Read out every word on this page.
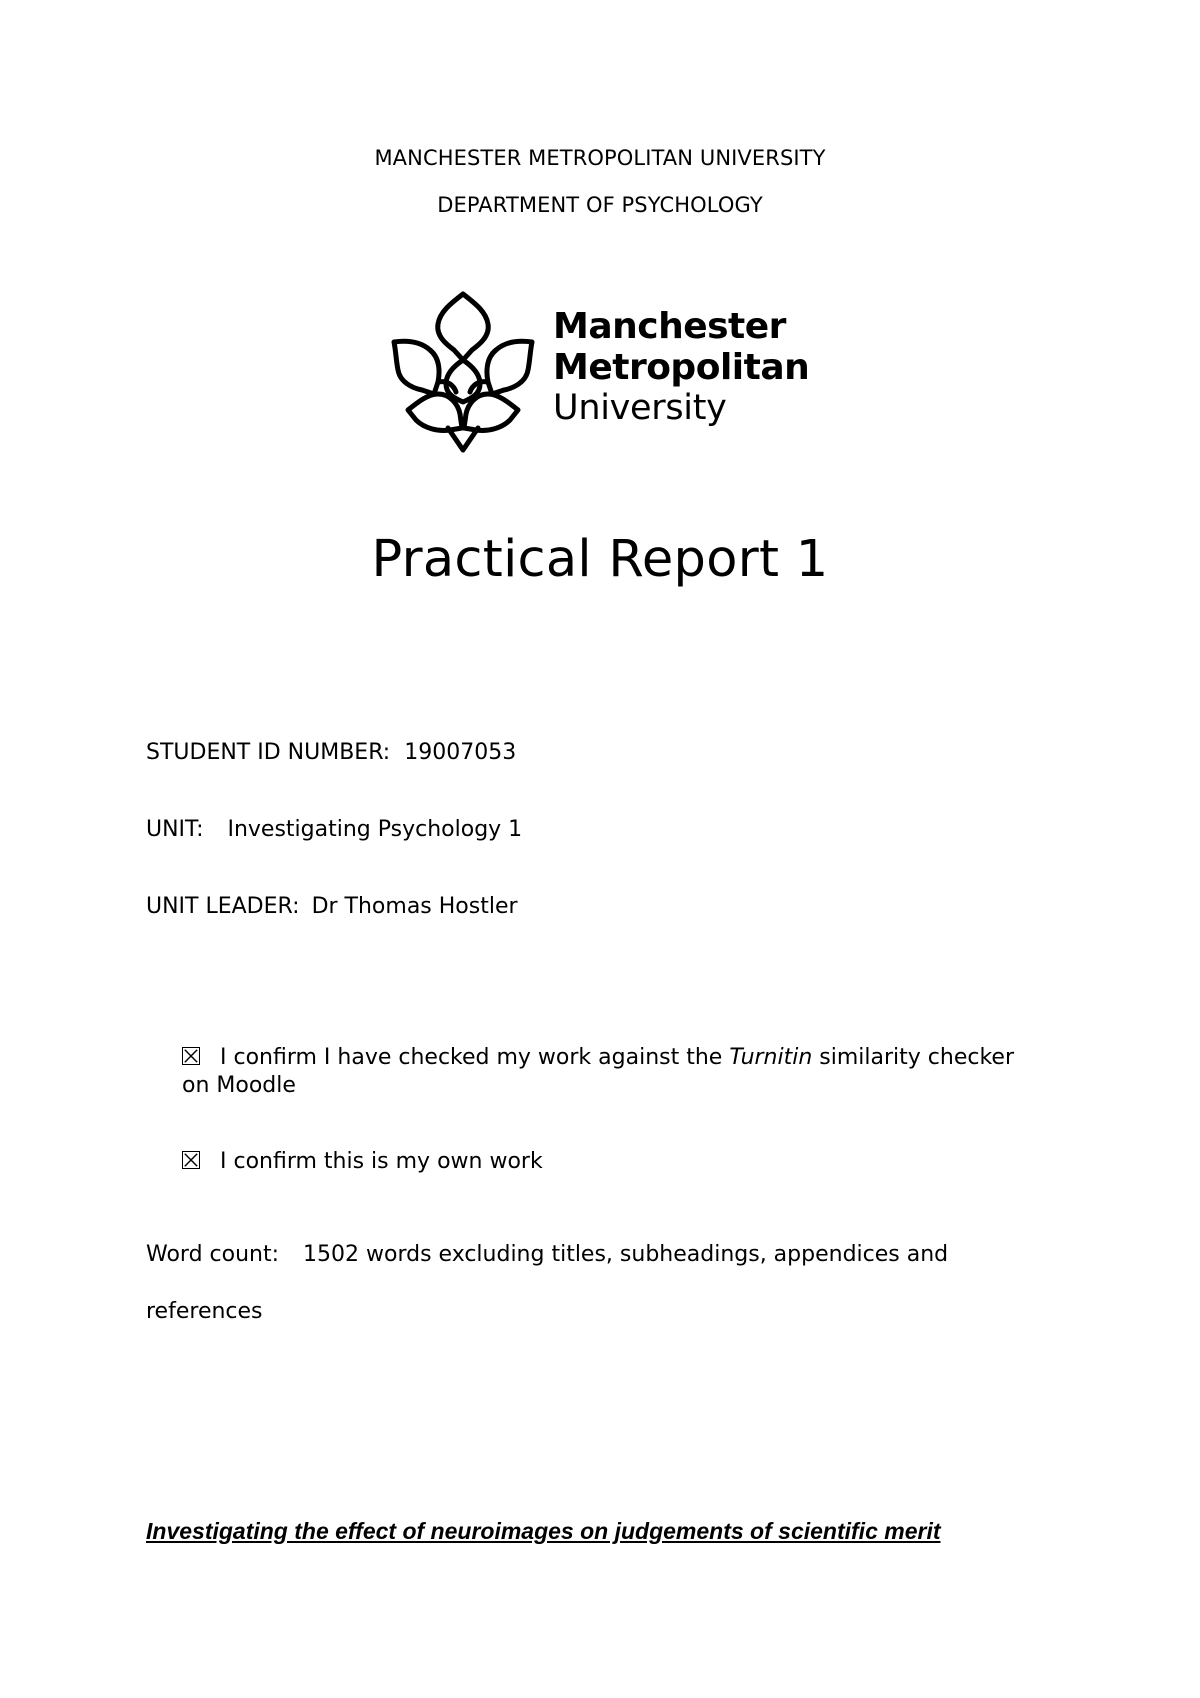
MANCHESTER METROPOLITAN UNIVERSITY
DEPARTMENT OF PSYCHOLOGY
Manchester
Metropolitan
University
Practical Report 1
STUDENT ID NUMBER: 19007053
UNIT: Investigating Psychology 1
UNIT LEADER: Dr Thomas Hostler
I confirm I have checked my work against the Turnitin similarity checker on Moodle
I confirm this is my own work
Word count: 1502 words excluding titles, subheadings, appendices and references
Investigating the effect of neuroimages on judgements of scientific merit
